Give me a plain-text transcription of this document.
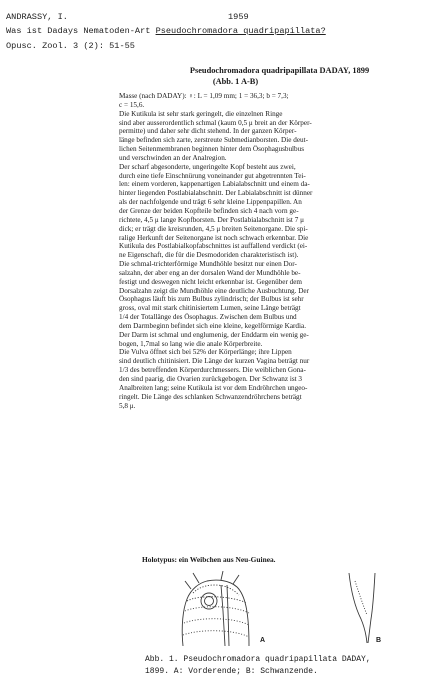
ANDRASSY, I.	1959
Was ist Dadays Nematoden-Art Pseudochromadora quadripapillata?
Opusc. Zool. 3 (2): 51-55
Pseudochromadora quadripapillata DADAY, 1899
(Abb. 1 A-B)
Masse (nach DADAY): ♀: L = 1,09 mm; 1 = 36,3; b = 7,3;
c = 15,6.
Die Kutikula ist sehr stark geringelt, die einzelnen Ringe
sind aber ausserordentlich schmal (kaum 0,5 μ breit an der Körper-
permitte) und daher sehr dicht stehend. In der ganzen Körper-
länge befinden sich zarte, zerstreute Submedianborsten. Die deut-
lichen Seitenmembranen beginnen hinter dem Ösophagusbulbus
und verschwinden an der Analregion.
Der scharf abgesonderte, ungeringelte Kopf besteht aus zwei,
durch eine tiefe Einschnürung voneinander gut abgetrennten Tei-
len: einem vorderen, kappenartigen Labialabschnitt und einem da-
hinter liegenden Postlabialabschnitt. Der Labialabschnitt ist dünner
als der nachfolgende und trägt 6 sehr kleine Lippenpapillen. An
der Grenze der beiden Kopfteile befinden sich 4 nach vorn ge-
richtete, 4,5 μ lange Kopfborsten. Der Postlabialabschnitt ist 7 μ
dick; er trägt die kreisrunden, 4,5 μ breiten Seitenorgane. Die spi-
ralige Herkunft der Seitenorgane ist noch schwach erkennbar. Die
Kutikula des Postlabialkopfabschnittes ist auffallend verdickt (ei-
ne Eigenschaft, die für die Desmodoriden charakteristisch ist).
Die schmal-trichterförmige Mundhöhle besitzt nur einen Dor-
salzahn, der aber eng an der dorsalen Wand der Mundhöhle be-
festigt und deswegen nicht leicht erkennbar ist. Gegenüber dem
Dorsalzahn zeigt die Mundhöhle eine deutliche Ausbuchtung. Der
Ösophagus läuft bis zum Bulbus zylindrisch; der Bulbus ist sehr
gross, oval mit stark chitinisiertem Lumen, seine Länge beträgt
1/4 der Totallänge des Ösophagus. Zwischen dem Bulbus und
dem Darmbeginn befindet sich eine kleine, kegelförmige Kardia.
Der Darm ist schmal und englumenig, der Enddarm ein wenig ge-
bogen, 1,7mal so lang wie die anale Körperbreite.
Die Vulva öffnet sich bei 52% der Körperlänge; ihre Lippen
sind deutlich chitinisiert. Die Länge der kurzen Vagina beträgt nur
1/3 des betreffenden Körperdurchmessers. Die weiblichen Gona-
den sind paarig, die Ovarien zurückgebogen. Der Schwanz ist 3
Analbreiten lang; seine Kutikula ist vor dem Endröhrchen ungeo-
ringelt. Die Länge des schlanken Schwanzendröhrchens beträgt
5,8 μ.
Holotypus: ein Weibchen aus Neu-Guinea.
A	B
Abb. 1. Pseudochromadora quadripapillata DADAY,
1899. A: Vorderende; B: Schwanzende.
